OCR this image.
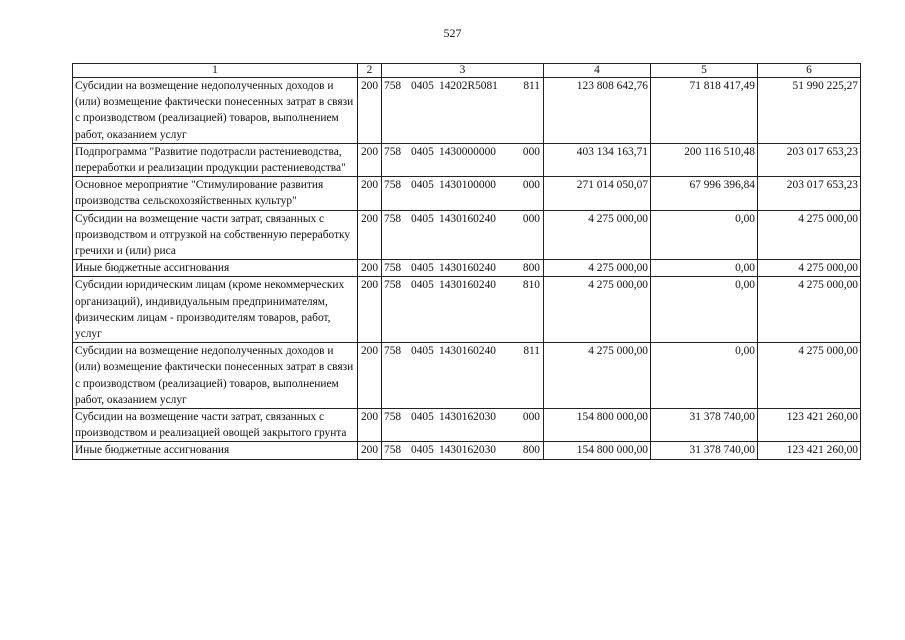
527
1	2	3	4	5	6
Субсидии на возмещение недополученных доходов и (или) возмещение фактически понесенных затрат в связи с производством (реализацией) товаров, выполнением работ, оказанием услуг	200	758 0405 14202R5081 811	123 808 642,76	71 818 417,49	51 990 225,27
Подпрограмма "Развитие подотрасли растениеводства, переработки и реализации продукции растениеводства"	200	758 0405 1430000000 000	403 134 163,71	200 116 510,48	203 017 653,23
Основное мероприятие "Стимулирование развития производства сельскохозяйственных культур"	200	758 0405 1430100000 000	271 014 050,07	67 996 396,84	203 017 653,23
Субсидии на возмещение части затрат, связанных с производством и отгрузкой на собственную переработку гречихи и (или) риса	200	758 0405 1430160240 000	4 275 000,00	0,00	4 275 000,00
Иные бюджетные ассигнования	200	758 0405 1430160240 800	4 275 000,00	0,00	4 275 000,00
Субсидии юридическим лицам (кроме некоммерческих организаций), индивидуальным предпринимателям, физическим лицам - производителям товаров, работ, услуг	200	758 0405 1430160240 810	4 275 000,00	0,00	4 275 000,00
Субсидии на возмещение недополученных доходов и (или) возмещение фактически понесенных затрат в связи с производством (реализацией) товаров, выполнением работ, оказанием услуг	200	758 0405 1430160240 811	4 275 000,00	0,00	4 275 000,00
Субсидии на возмещение части затрат, связанных с производством и реализацией овощей закрытого грунта	200	758 0405 1430162030 000	154 800 000,00	31 378 740,00	123 421 260,00
Иные бюджетные ассигнования	200	758 0405 1430162030 800	154 800 000,00	31 378 740,00	123 421 260,00
